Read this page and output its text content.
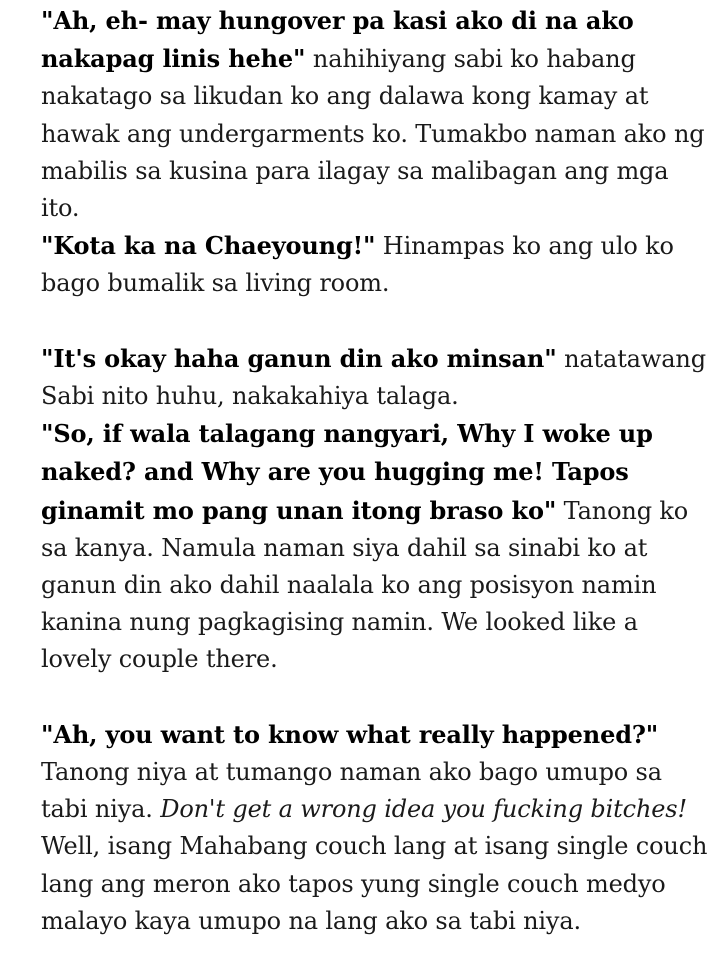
"Ah, eh- may hungover pa kasi ako di na ako nakapag linis hehe" nahihiyang sabi ko habang nakatago sa likudan ko ang dalawa kong kamay at hawak ang undergarments ko. Tumakbo naman ako ng mabilis sa kusina para ilagay sa malibagan ang mga ito.

"Kota ka na Chaeyoung!" Hinampas ko ang ulo ko bago bumalik sa living room.

"It's okay haha ganun din ako minsan" natatawang Sabi nito huhu, nakakahiya talaga.

"So, if wala talagang nangyari, Why I woke up naked? and Why are you hugging me! Tapos ginamit mo pang unan itong braso ko" Tanong ko sa kanya. Namula naman siya dahil sa sinabi ko at ganun din ako dahil naalala ko ang posisyon namin kanina nung pagkagising namin. We looked like a lovely couple there.

"Ah, you want to know what really happened?"
Tanong niya at tumango naman ako bago umupo sa tabi niya. Don't get a wrong idea you fucking bitches! Well, isang Mahabang couch lang at isang single couch lang ang meron ako tapos yung single couch medyo malayo kaya umupo na lang ako sa tabi niya.
